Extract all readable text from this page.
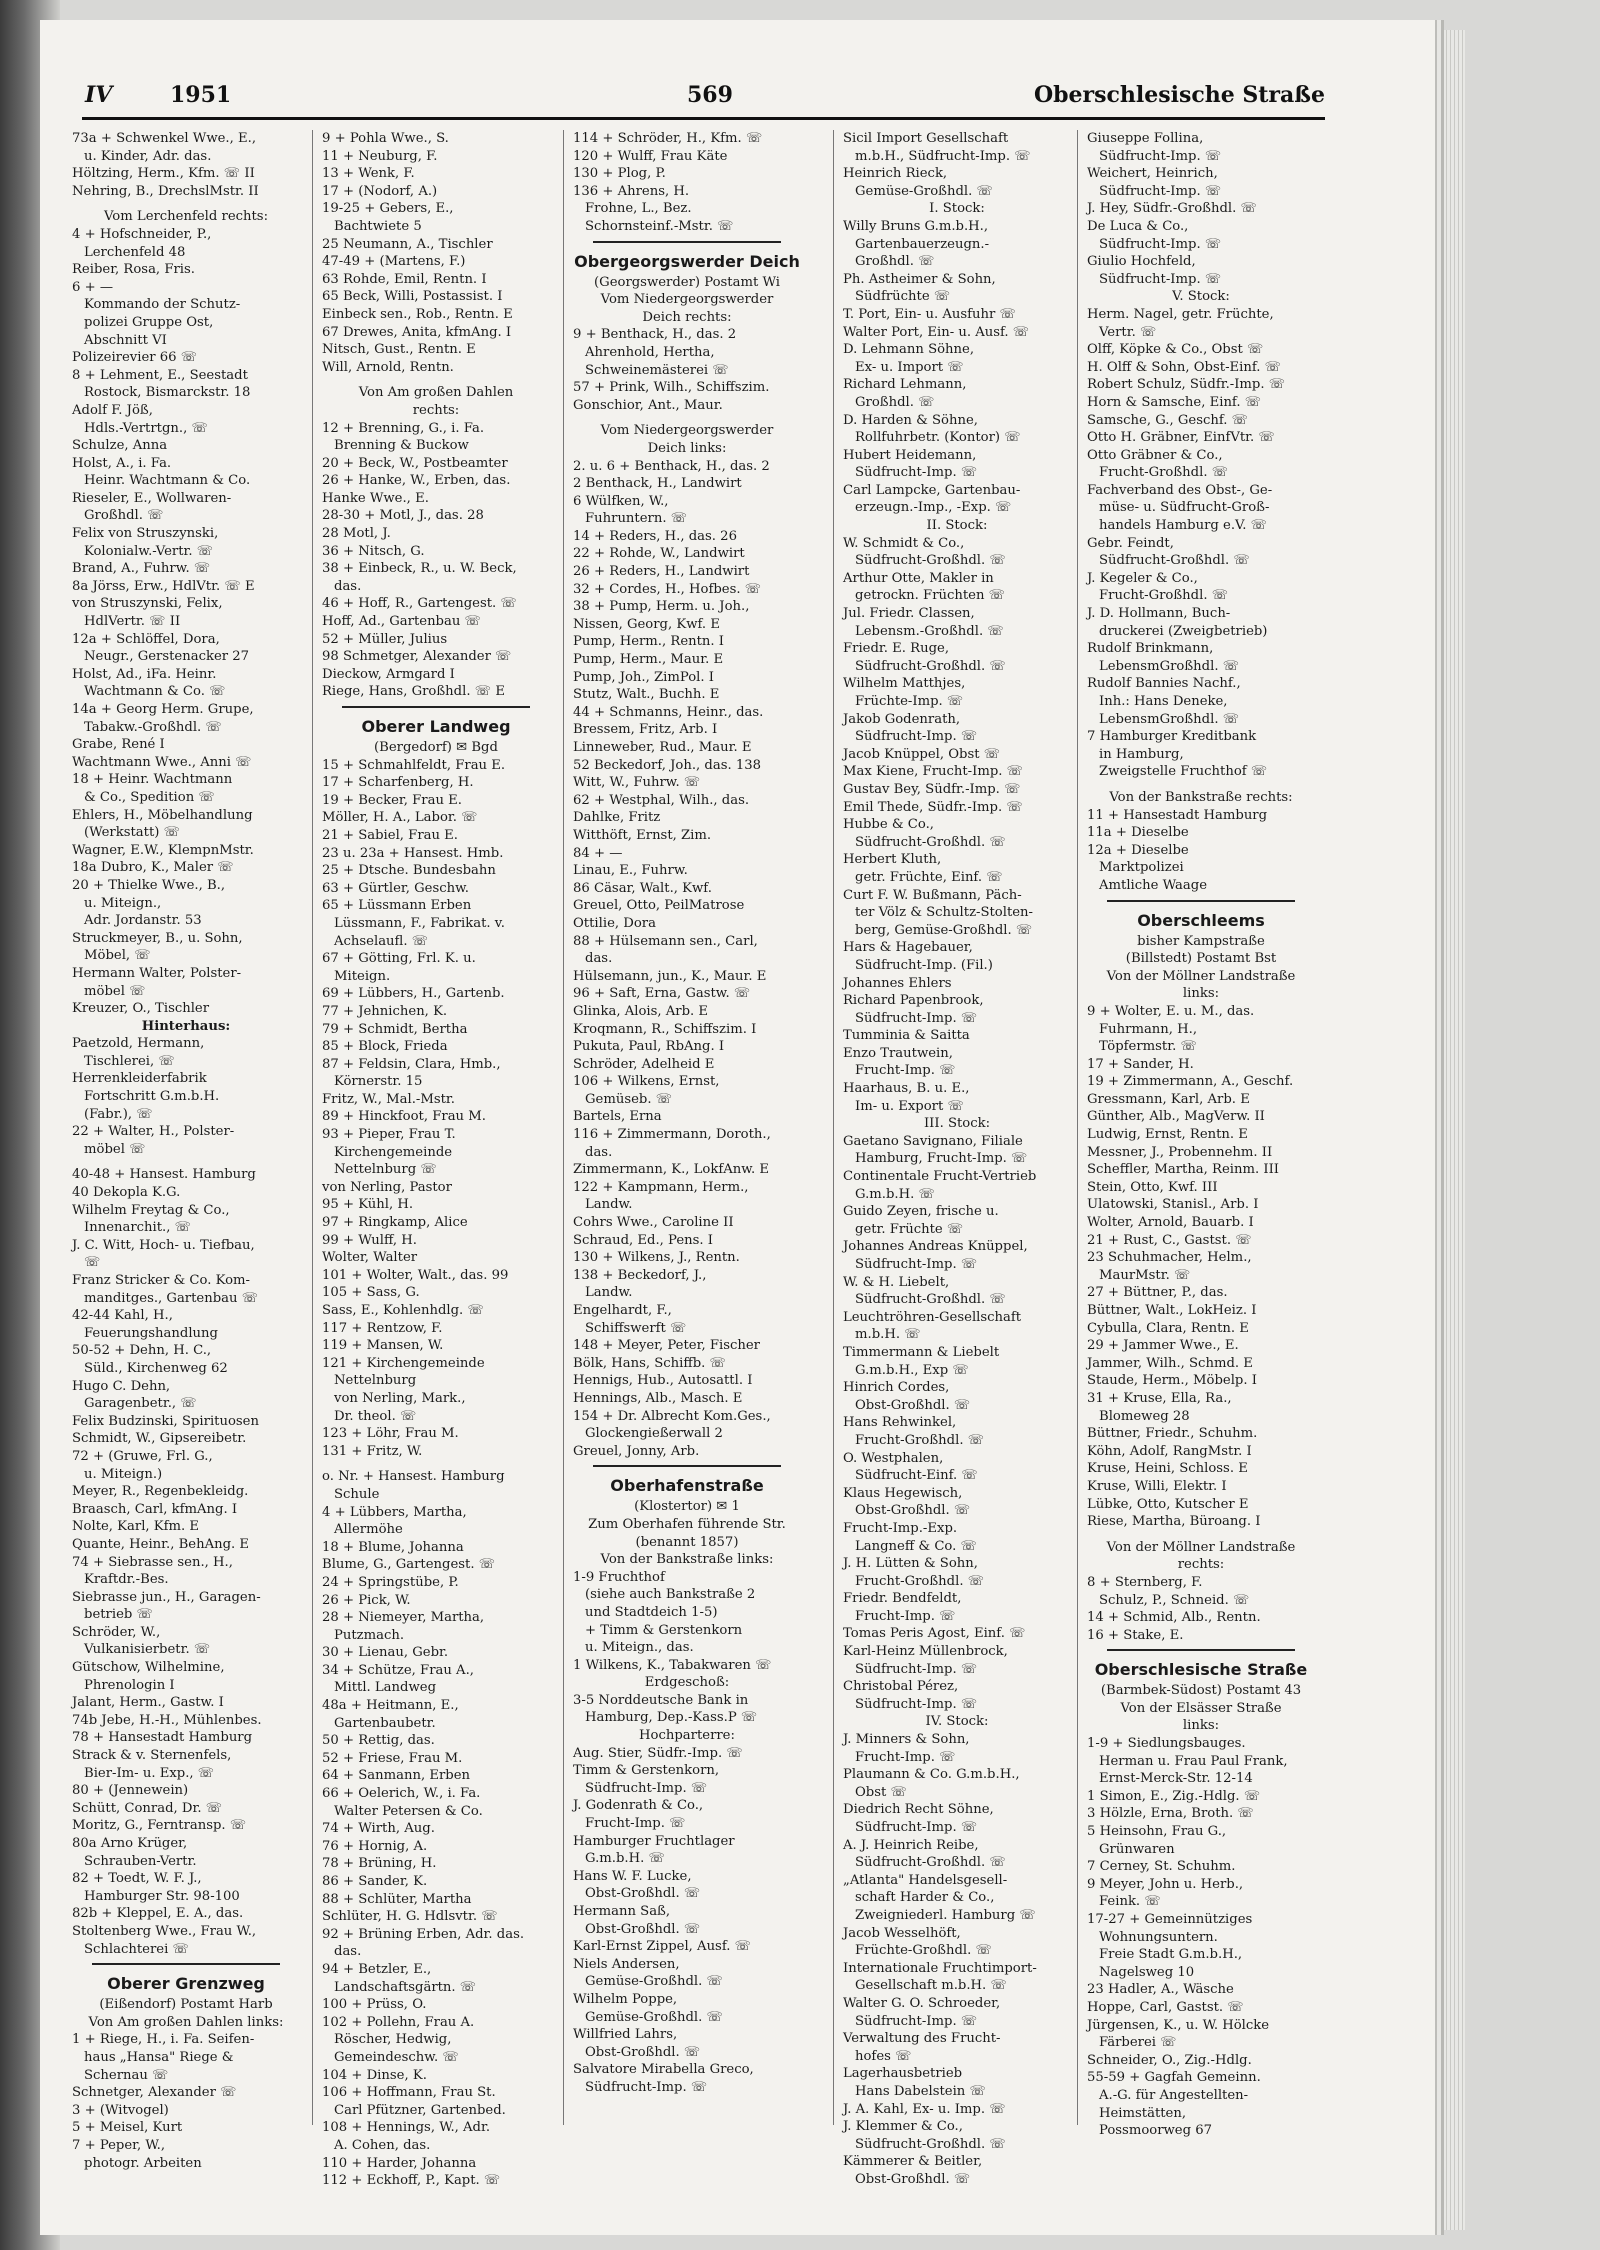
IV	1951	569	Oberschlesische Straße
73a + Schwenkel Wwe., E.,
u. Kinder, Adr. das.
Höltzing, Herm., Kfm. ☏ II
Nehring, B., DrechslMstr. II
Vom Lerchenfeld rechts:
4 + Hofschneider, P.,
Lerchenfeld 48
Reiber, Rosa, Fris.
6 + —
Kommando der Schutz-
polizei Gruppe Ost,
Abschnitt VI
Polizeirevier 66 ☏
8 + Lehment, E., Seestadt
Rostock, Bismarckstr. 18
Adolf F. Jöß,
Hdls.-Vertrtgn., ☏
Schulze, Anna
Holst, A., i. Fa.
Heinr. Wachtmann & Co.
Rieseler, E., Wollwaren-
Großhdl. ☏
Felix von Struszynski,
Kolonialw.-Vertr. ☏
Brand, A., Fuhrw. ☏
8a Jörss, Erw., HdlVtr. ☏ E
von Struszynski, Felix,
HdlVertr. ☏ II
12a + Schlöffel, Dora,
Neugr., Gerstenacker 27
Holst, Ad., iFa. Heinr.
Wachtmann & Co. ☏
14a + Georg Herm. Grupe,
Tabakw.-Großhdl. ☏
Grabe, René I
Wachtmann Wwe., Anni ☏
18 + Heinr. Wachtmann
& Co., Spedition ☏
Ehlers, H., Möbelhandlung
(Werkstatt) ☏
Wagner, E.W., KlempnMstr.
18a Dubro, K., Maler ☏
20 + Thielke Wwe., B.,
u. Miteign.,
Adr. Jordanstr. 53
Struckmeyer, B., u. Sohn,
Möbel, ☏
Hermann Walter, Polster-
möbel ☏
Kreuzer, O., Tischler
Hinterhaus:
Paetzold, Hermann,
Tischlerei, ☏
Herrenkleiderfabrik
Fortschritt G.m.b.H.
(Fabr.), ☏
22 + Walter, H., Polster-
möbel ☏
40-48 + Hansest. Hamburg
40 Dekopla K.G.
Wilhelm Freytag & Co.,
Innenarchit., ☏
J. C. Witt, Hoch- u. Tiefbau,
☏
Franz Stricker & Co. Kom-
manditges., Gartenbau ☏
42-44 Kahl, H.,
Feuerungshandlung
50-52 + Dehn, H. C.,
Süld., Kirchenweg 62
Hugo C. Dehn,
Garagenbetr., ☏
Felix Budzinski, Spirituosen
Schmidt, W., Gipsereibetr.
72 + (Gruwe, Frl. G.,
u. Miteign.)
Meyer, R., Regenbekleidg.
Braasch, Carl, kfmAng. I
Nolte, Karl, Kfm. E
Quante, Heinr., BehAng. E
74 + Siebrasse sen., H.,
Kraftdr.-Bes.
Siebrasse jun., H., Garagen-
betrieb ☏
Schröder, W.,
Vulkanisierbetr. ☏
Gütschow, Wilhelmine,
Phrenologin I
Jalant, Herm., Gastw. I
74b Jebe, H.-H., Mühlenbes.
78 + Hansestadt Hamburg
Strack & v. Sternenfels,
Bier-Im- u. Exp., ☏
80 + (Jennewein)
Schütt, Conrad, Dr. ☏
Moritz, G., Ferntransp. ☏
80a Arno Krüger,
Schrauben-Vertr.
82 + Toedt, W. F. J.,
Hamburger Str. 98-100
82b + Kleppel, E. A., das.
Stoltenberg Wwe., Frau W.,
Schlachterei ☏
Oberer Grenzweg
(Eißendorf) Postamt Harb
Von Am großen Dahlen links:
1 + Riege, H., i. Fa. Seifen-
haus „Hansa" Riege &
Schernau ☏
Schnetger, Alexander ☏
3 + (Witvogel)
5 + Meisel, Kurt
7 + Peper, W.,
photogr. Arbeiten
9 + Pohla Wwe., S.
11 + Neuburg, F.
13 + Wenk, F.
17 + (Nodorf, A.)
19-25 + Gebers, E.,
Bachtwiete 5
25 Neumann, A., Tischler
47-49 + (Martens, F.)
63 Rohde, Emil, Rentn. I
65 Beck, Willi, Postassist. I
Einbeck sen., Rob., Rentn. E
67 Drewes, Anita, kfmAng. I
Nitsch, Gust., Rentn. E
Will, Arnold, Rentn.
Von Am großen Dahlen
rechts:
12 + Brenning, G., i. Fa.
Brenning & Buckow
20 + Beck, W., Postbeamter
26 + Hanke, W., Erben, das.
Hanke Wwe., E.
28-30 + Motl, J., das. 28
28 Motl, J.
36 + Nitsch, G.
38 + Einbeck, R., u. W. Beck,
das.
46 + Hoff, R., Gartengest. ☏
Hoff, Ad., Gartenbau ☏
52 + Müller, Julius
98 Schmetger, Alexander ☏
Dieckow, Armgard I
Riege, Hans, Großhdl. ☏ E
Oberer Landweg
(Bergedorf) ✉ Bgd
15 + Schmahlfeldt, Frau E.
17 + Scharfenberg, H.
19 + Becker, Frau E.
Möller, H. A., Labor. ☏
21 + Sabiel, Frau E.
23 u. 23a + Hansest. Hmb.
25 + Dtsche. Bundesbahn
63 + Gürtler, Geschw.
65 + Lüssmann Erben
Lüssmann, F., Fabrikat. v.
Achselaufl. ☏
67 + Götting, Frl. K. u.
Miteign.
69 + Lübbers, H., Gartenb.
77 + Jehnichen, K.
79 + Schmidt, Bertha
85 + Block, Frieda
87 + Feldsin, Clara, Hmb.,
Körnerstr. 15
Fritz, W., Mal.-Mstr.
89 + Hinckfoot, Frau M.
93 + Pieper, Frau T.
Kirchengemeinde
Nettelnburg ☏
von Nerling, Pastor
95 + Kühl, H.
97 + Ringkamp, Alice
99 + Wulff, H.
Wolter, Walter
101 + Wolter, Walt., das. 99
105 + Sass, G.
Sass, E., Kohlenhdlg. ☏
117 + Rentzow, F.
119 + Mansen, W.
121 + Kirchengemeinde
Nettelnburg
von Nerling, Mark.,
Dr. theol. ☏
123 + Löhr, Frau M.
131 + Fritz, W.
o. Nr. + Hansest. Hamburg
Schule
4 + Lübbers, Martha,
Allermöhe
18 + Blume, Johanna
Blume, G., Gartengest. ☏
24 + Springstübe, P.
26 + Pick, W.
28 + Niemeyer, Martha,
Putzmach.
30 + Lienau, Gebr.
34 + Schütze, Frau A.,
Mittl. Landweg
48a + Heitmann, E.,
Gartenbaubetr.
50 + Rettig, das.
52 + Friese, Frau M.
64 + Sanmann, Erben
66 + Oelerich, W., i. Fa.
Walter Petersen & Co.
74 + Wirth, Aug.
76 + Hornig, A.
78 + Brüning, H.
86 + Sander, K.
88 + Schlüter, Martha
Schlüter, H. G. Hdlsvtr. ☏
92 + Brüning Erben, Adr. das.
das.
94 + Betzler, E.,
Landschaftsgärtn. ☏
100 + Prüss, O.
102 + Pollehn, Frau A.
Röscher, Hedwig,
Gemeindeschw. ☏
104 + Dinse, K.
106 + Hoffmann, Frau St.
Carl Pfützner, Gartenbed.
108 + Hennings, W., Adr.
A. Cohen, das.
110 + Harder, Johanna
112 + Eckhoff, P., Kapt. ☏
114 + Schröder, H., Kfm. ☏
120 + Wulff, Frau Käte
130 + Plog, P.
136 + Ahrens, H.
Frohne, L., Bez.
Schornsteinf.-Mstr. ☏
Obergeorgswerder Deich
(Georgswerder) Postamt Wi
Vom Niedergeorgswerder
Deich rechts:
9 + Benthack, H., das. 2
Ahrenhold, Hertha,
Schweinemästerei ☏
57 + Prink, Wilh., Schiffszim.
Gonschior, Ant., Maur.
Vom Niedergeorgswerder
Deich links:
2. u. 6 + Benthack, H., das. 2
2 Benthack, H., Landwirt
6 Wülfken, W.,
Fuhruntern. ☏
14 + Reders, H., das. 26
22 + Rohde, W., Landwirt
26 + Reders, H., Landwirt
32 + Cordes, H., Hofbes. ☏
38 + Pump, Herm. u. Joh.,
Nissen, Georg, Kwf. E
Pump, Herm., Rentn. I
Pump, Herm., Maur. E
Pump, Joh., ZimPol. I
Stutz, Walt., Buchh. E
44 + Schmanns, Heinr., das.
Bressem, Fritz, Arb. I
Linneweber, Rud., Maur. E
52 Beckedorf, Joh., das. 138
Witt, W., Fuhrw. ☏
62 + Westphal, Wilh., das.
Dahlke, Fritz
Witthöft, Ernst, Zim.
84 + —
Linau, E., Fuhrw.
86 Cäsar, Walt., Kwf.
Greuel, Otto, PeilMatrose
Ottilie, Dora
88 + Hülsemann sen., Carl,
das.
Hülsemann, jun., K., Maur. E
96 + Saft, Erna, Gastw. ☏
Glinka, Alois, Arb. E
Kroqmann, R., Schiffszim. I
Pukuta, Paul, RbAng. I
Schröder, Adelheid E
106 + Wilkens, Ernst,
Gemüseb. ☏
Bartels, Erna
116 + Zimmermann, Doroth.,
das.
Zimmermann, K., LokfAnw. E
122 + Kampmann, Herm.,
Landw.
Cohrs Wwe., Caroline II
Schraud, Ed., Pens. I
130 + Wilkens, J., Rentn.
138 + Beckedorf, J.,
Landw.
Engelhardt, F.,
Schiffswerft ☏
148 + Meyer, Peter, Fischer
Bölk, Hans, Schiffb. ☏
Hennigs, Hub., Autosattl. I
Hennings, Alb., Masch. E
154 + Dr. Albrecht Kom.Ges.,
Glockengießerwall 2
Greuel, Jonny, Arb.
Oberhafenstraße
(Klostertor) ✉ 1
Zum Oberhafen führende Str.
(benannt 1857)
Von der Bankstraße links:
1-9 Fruchthof
(siehe auch Bankstraße 2
und Stadtdeich 1-5)
+ Timm & Gerstenkorn
u. Miteign., das.
1 Wilkens, K., Tabakwaren ☏
Erdgeschoß:
3-5 Norddeutsche Bank in
Hamburg, Dep.-Kass.P ☏
Hochparterre:
Aug. Stier, Südfr.-Imp. ☏
Timm & Gerstenkorn,
Südfrucht-Imp. ☏
J. Godenrath & Co.,
Frucht-Imp. ☏
Hamburger Fruchtlager
G.m.b.H. ☏
Hans W. F. Lucke,
Obst-Großhdl. ☏
Hermann Saß,
Obst-Großhdl. ☏
Karl-Ernst Zippel, Ausf. ☏
Niels Andersen,
Gemüse-Großhdl. ☏
Wilhelm Poppe,
Gemüse-Großhdl. ☏
Willfried Lahrs,
Obst-Großhdl. ☏
Salvatore Mirabella Greco,
Südfrucht-Imp. ☏
Sicil Import Gesellschaft
m.b.H., Südfrucht-Imp. ☏
Heinrich Rieck,
Gemüse-Großhdl. ☏
I. Stock:
Willy Bruns G.m.b.H.,
Gartenbauerzeugn.-
Großhdl. ☏
Ph. Astheimer & Sohn,
Südfrüchte ☏
T. Port, Ein- u. Ausfuhr ☏
Walter Port, Ein- u. Ausf. ☏
D. Lehmann Söhne,
Ex- u. Import ☏
Richard Lehmann,
Großhdl. ☏
D. Harden & Söhne,
Rollfuhrbetr. (Kontor) ☏
Hubert Heidemann,
Südfrucht-Imp. ☏
Carl Lampcke, Gartenbau-
erzeugn.-Imp., -Exp. ☏
II. Stock:
W. Schmidt & Co.,
Südfrucht-Großhdl. ☏
Arthur Otte, Makler in
getrockn. Früchten ☏
Jul. Friedr. Classen,
Lebensm.-Großhdl. ☏
Friedr. E. Ruge,
Südfrucht-Großhdl. ☏
Wilhelm Matthjes,
Früchte-Imp. ☏
Jakob Godenrath,
Südfrucht-Imp. ☏
Jacob Knüppel, Obst ☏
Max Kiene, Frucht-Imp. ☏
Gustav Bey, Südfr.-Imp. ☏
Emil Thede, Südfr.-Imp. ☏
Hubbe & Co.,
Südfrucht-Großhdl. ☏
Herbert Kluth,
getr. Früchte, Einf. ☏
Curt F. W. Bußmann, Päch-
ter Völz & Schultz-Stolten-
berg, Gemüse-Großhdl. ☏
Hars & Hagebauer,
Südfrucht-Imp. (Fil.)
Johannes Ehlers
Richard Papenbrook,
Südfrucht-Imp. ☏
Tumminia & Saitta
Enzo Trautwein,
Frucht-Imp. ☏
Haarhaus, B. u. E.,
Im- u. Export ☏
III. Stock:
Gaetano Savignano, Filiale
Hamburg, Frucht-Imp. ☏
Continentale Frucht-Vertrieb
G.m.b.H. ☏
Guido Zeyen, frische u.
getr. Früchte ☏
Johannes Andreas Knüppel,
Südfrucht-Imp. ☏
W. & H. Liebelt,
Südfrucht-Großhdl. ☏
Leuchtröhren-Gesellschaft
m.b.H. ☏
Timmermann & Liebelt
G.m.b.H., Exp ☏
Hinrich Cordes,
Obst-Großhdl. ☏
Hans Rehwinkel,
Frucht-Großhdl. ☏
O. Westphalen,
Südfrucht-Einf. ☏
Klaus Hegewisch,
Obst-Großhdl. ☏
Frucht-Imp.-Exp.
Langneff & Co. ☏
J. H. Lütten & Sohn,
Frucht-Großhdl. ☏
Friedr. Bendfeldt,
Frucht-Imp. ☏
Tomas Peris Agost, Einf. ☏
Karl-Heinz Müllenbrock,
Südfrucht-Imp. ☏
Christobal Pérez,
Südfrucht-Imp. ☏
IV. Stock:
J. Minners & Sohn,
Frucht-Imp. ☏
Plaumann & Co. G.m.b.H.,
Obst ☏
Diedrich Recht Söhne,
Südfrucht-Imp. ☏
A. J. Heinrich Reibe,
Südfrucht-Großhdl. ☏
„Atlanta" Handelsgesell-
schaft Harder & Co.,
Zweigniederl. Hamburg ☏
Jacob Wesselhöft,
Früchte-Großhdl. ☏
Internationale Fruchtimport-
Gesellschaft m.b.H. ☏
Walter G. O. Schroeder,
Südfrucht-Imp. ☏
Verwaltung des Frucht-
hofes ☏
Lagerhausbetrieb
Hans Dabelstein ☏
J. A. Kahl, Ex- u. Imp. ☏
J. Klemmer & Co.,
Südfrucht-Großhdl. ☏
Kämmerer & Beitler,
Obst-Großhdl. ☏
Giuseppe Follina,
Südfrucht-Imp. ☏
Weichert, Heinrich,
Südfrucht-Imp. ☏
J. Hey, Südfr.-Großhdl. ☏
De Luca & Co.,
Südfrucht-Imp. ☏
Giulio Hochfeld,
Südfrucht-Imp. ☏
V. Stock:
Herm. Nagel, getr. Früchte,
Vertr. ☏
Olff, Köpke & Co., Obst ☏
H. Olff & Sohn, Obst-Einf. ☏
Robert Schulz, Südfr.-Imp. ☏
Horn & Samsche, Einf. ☏
Samsche, G., Geschf. ☏
Otto H. Gräbner, EinfVtr. ☏
Otto Gräbner & Co.,
Frucht-Großhdl. ☏
Fachverband des Obst-, Ge-
müse- u. Südfrucht-Groß-
handels Hamburg e.V. ☏
Gebr. Feindt,
Südfrucht-Großhdl. ☏
J. Kegeler & Co.,
Frucht-Großhdl. ☏
J. D. Hollmann, Buch-
druckerei (Zweigbetrieb)
Rudolf Brinkmann,
LebensmGroßhdl. ☏
Rudolf Bannies Nachf.,
Inh.: Hans Deneke,
LebensmGroßhdl. ☏
7 Hamburger Kreditbank
in Hamburg,
Zweigstelle Fruchthof ☏
Von der Bankstraße rechts:
11 + Hansestadt Hamburg
11a + Dieselbe
12a + Dieselbe
Marktpolizei
Amtliche Waage
Oberschleems
bisher Kampstraße
(Billstedt) Postamt Bst
Von der Möllner Landstraße
links:
9 + Wolter, E. u. M., das.
Fuhrmann, H.,
Töpfermstr. ☏
17 + Sander, H.
19 + Zimmermann, A., Geschf.
Gressmann, Karl, Arb. E
Günther, Alb., MagVerw. II
Ludwig, Ernst, Rentn. E
Messner, J., Probennehm. II
Scheffler, Martha, Reinm. III
Stein, Otto, Kwf. III
Ulatowski, Stanisl., Arb. I
Wolter, Arnold, Bauarb. I
21 + Rust, C., Gastst. ☏
23 Schuhmacher, Helm.,
MaurMstr. ☏
27 + Büttner, P., das.
Büttner, Walt., LokHeiz. I
Cybulla, Clara, Rentn. E
29 + Jammer Wwe., E.
Jammer, Wilh., Schmd. E
Staude, Herm., Möbelp. I
31 + Kruse, Ella, Ra.,
Blomeweg 28
Büttner, Friedr., Schuhm.
Köhn, Adolf, RangMstr. I
Kruse, Heini, Schloss. E
Kruse, Willi, Elektr. I
Lübke, Otto, Kutscher E
Riese, Martha, Büroang. I
Von der Möllner Landstraße
rechts:
8 + Sternberg, F.
Schulz, P., Schneid. ☏
14 + Schmid, Alb., Rentn.
16 + Stake, E.
Oberschlesische Straße
(Barmbek-Südost) Postamt 43
Von der Elsässer Straße
links:
1-9 + Siedlungsbauges.
Herman u. Frau Paul Frank,
Ernst-Merck-Str. 12-14
1 Simon, E., Zig.-Hdlg. ☏
3 Hölzle, Erna, Broth. ☏
5 Heinsohn, Frau G.,
Grünwaren
7 Cerney, St. Schuhm.
9 Meyer, John u. Herb.,
Feink. ☏
17-27 + Gemeinnütziges
Wohnungsuntern.
Freie Stadt G.m.b.H.,
Nagelsweg 10
23 Hadler, A., Wäsche
Hoppe, Carl, Gastst. ☏
Jürgensen, K., u. W. Hölcke
Färberei ☏
Schneider, O., Zig.-Hdlg.
55-59 + Gagfah Gemeinn.
A.-G. für Angestellten-
Heimstätten,
Possmoorweg 67
